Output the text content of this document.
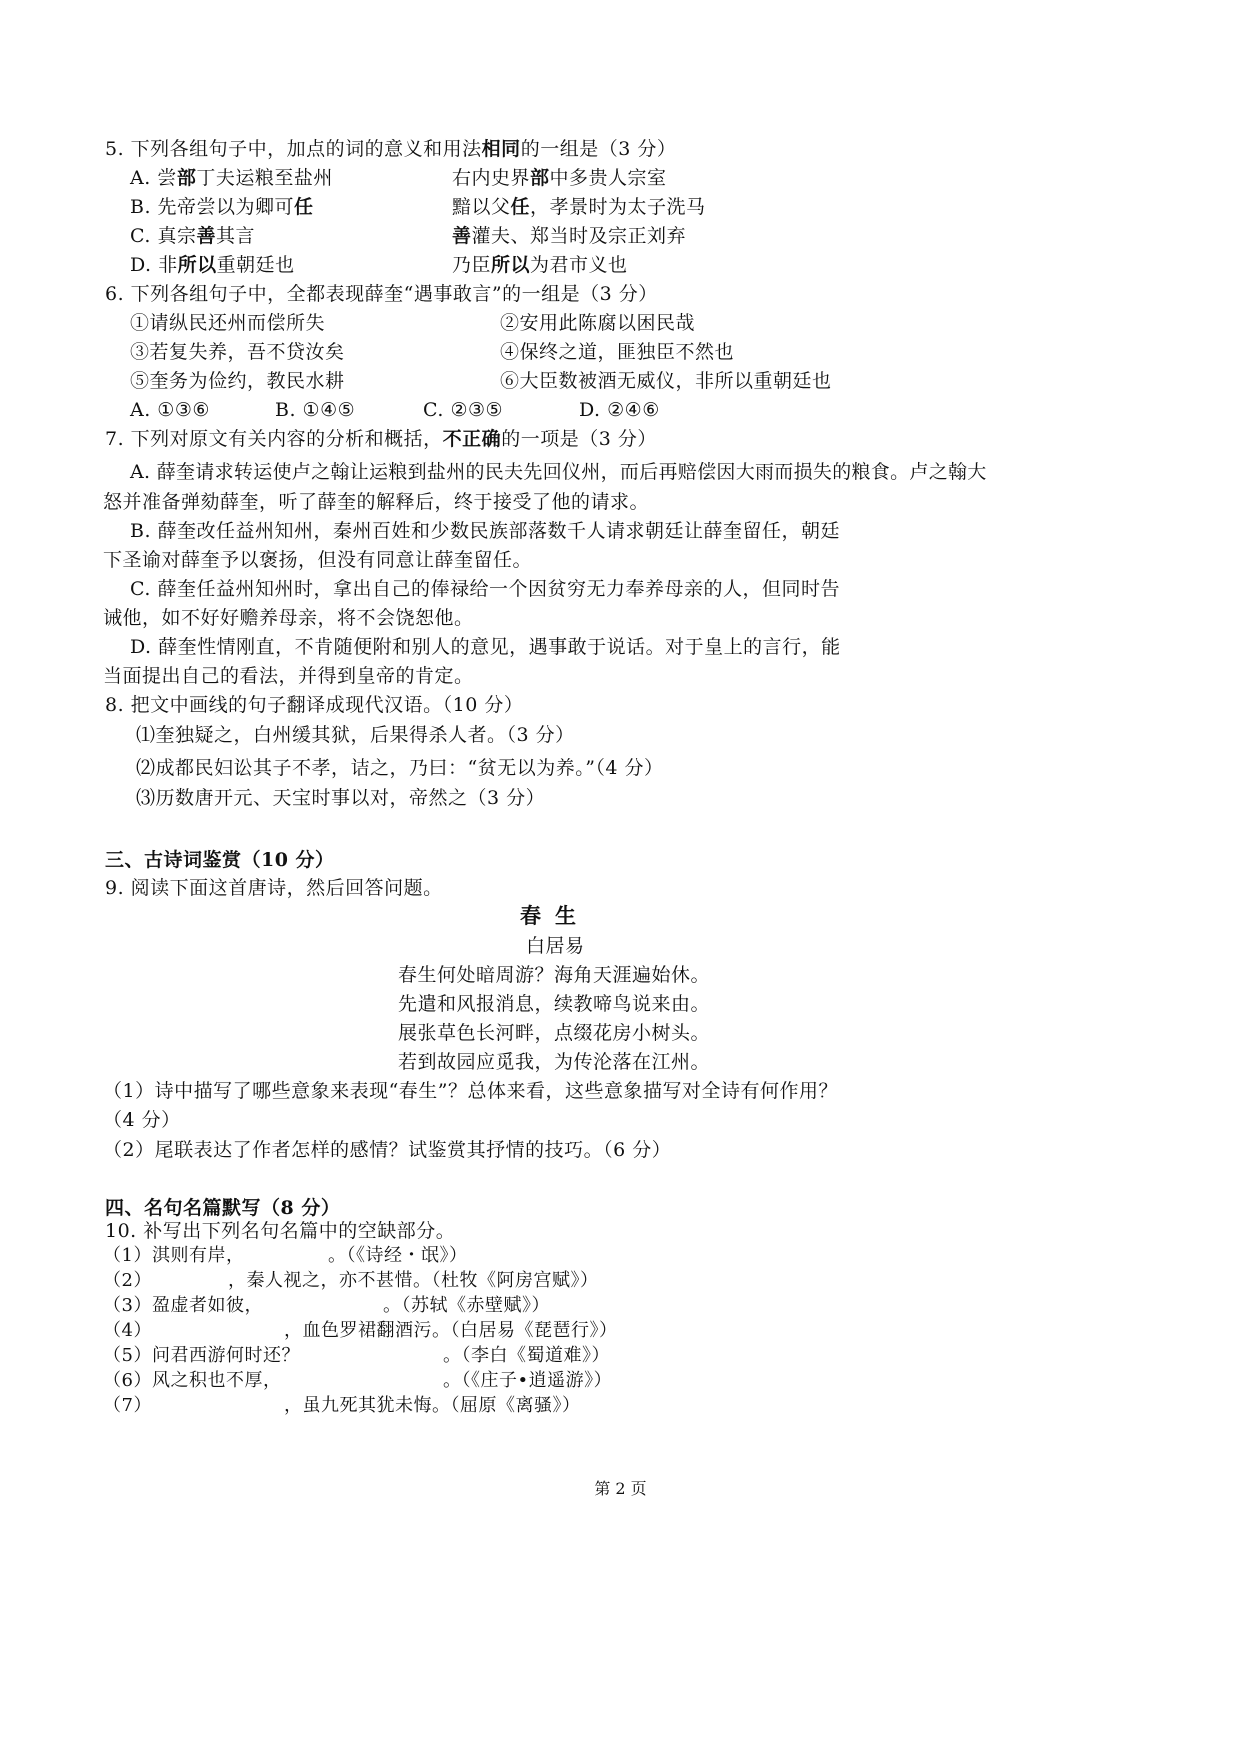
5. 下列各组句子中，加点的词的意义和用法相同的一组是（3 分）
A. 尝部丁夫运粮至盐州	右内史界部中多贵人宗室
B. 先帝尝以为卿可任	黯以父任，孝景时为太子洗马
C. 真宗善其言	善灌夫、郑当时及宗正刘弃
D. 非所以重朝廷也	乃臣所以为君市义也
6. 下列各组句子中，全都表现薛奎“遇事敢言”的一组是（3 分）
①请纵民还州而偿所失	②安用此陈腐以困民哉
③若复失养，吾不贷汝矣	④保终之道，匪独臣不然也
⑤奎务为俭约，教民水耕	⑥大臣数被酒无威仪，非所以重朝廷也
A. ①③⑥	B. ①④⑤	C. ②③⑤	D. ②④⑥
7. 下列对原文有关内容的分析和概括，不正确的一项是（3 分）
A. 薛奎请求转运使卢之翰让运粮到盐州的民夫先回仪州，而后再赔偿因大雨而损失的粮食。卢之翰大
怒并准备弹劾薛奎，听了薛奎的解释后，终于接受了他的请求。
B. 薛奎改任益州知州，秦州百姓和少数民族部落数千人请求朝廷让薛奎留任，朝廷
下圣谕对薛奎予以褒扬，但没有同意让薛奎留任。
C. 薛奎任益州知州时，拿出自己的俸禄给一个因贫穷无力奉养母亲的人，但同时告
诫他，如不好好赡养母亲，将不会饶恕他。
D. 薛奎性情刚直，不肯随便附和别人的意见，遇事敢于说话。对于皇上的言行，能
当面提出自己的看法，并得到皇帝的肯定。
8. 把文中画线的句子翻译成现代汉语。（10 分）
⑴奎独疑之，白州缓其狱，后果得杀人者。（3 分）
⑵成都民妇讼其子不孝，诘之，乃曰：“贫无以为养。”（4 分）
⑶历数唐开元、天宝时事以对，帝然之（3 分）
三、古诗词鉴赏（10 分）
9. 阅读下面这首唐诗，然后回答问题。
春生
白居易
春生何处暗周游？海角天涯遍始休。
先遣和风报消息，续教啼鸟说来由。
展张草色长河畔，点缀花房小树头。
若到故园应觅我，为传沦落在江州。
（1）诗中描写了哪些意象来表现“春生”？总体来看，这些意象描写对全诗有何作用？
（4 分）
（2）尾联表达了作者怎样的感情？试鉴赏其抒情的技巧。（6 分）
四、名句名篇默写（8 分）
10. 补写出下列名句名篇中的空缺部分。
（1）淇则有岸，	。（《诗经・氓》）
（2）	，秦人视之，亦不甚惜。（杜牧《阿房宫赋》）
（3）盈虚者如彼，	。（苏轼《赤壁赋》）
（4）	，血色罗裙翻酒污。（白居易《琵琶行》）
（5）问君西游何时还？	。（李白《蜀道难》）
（6）风之积也不厚，	。（《庄子•逍遥游》）
（7）	，虽九死其犹未悔。（屈原《离骚》）
第 2 页
